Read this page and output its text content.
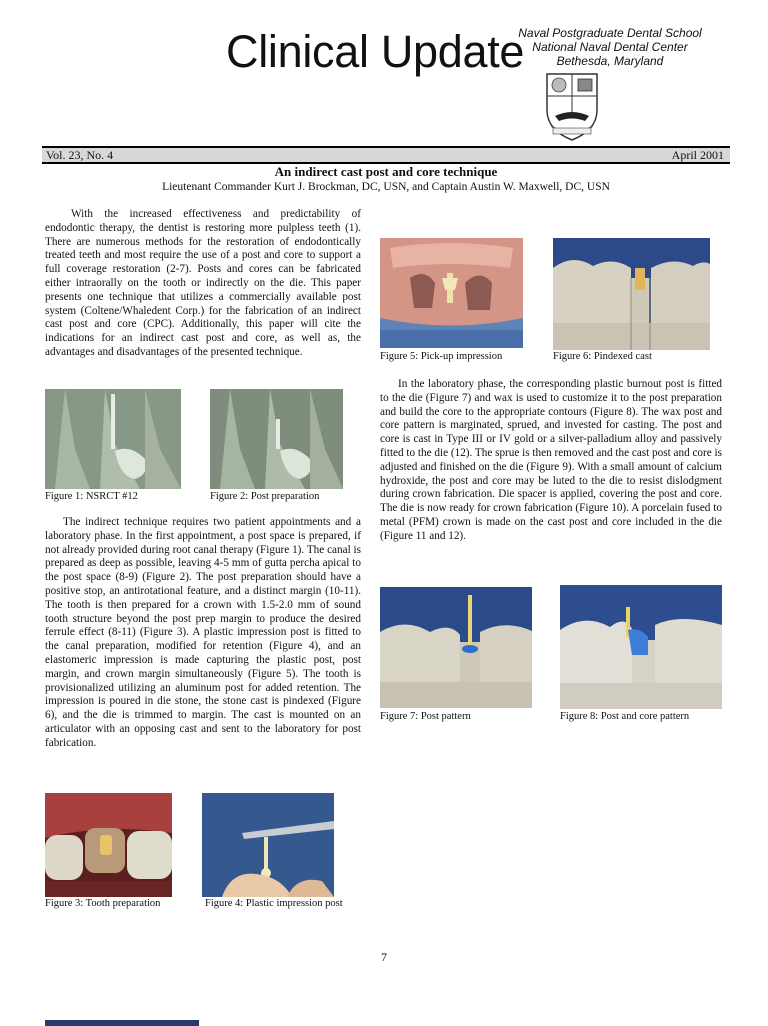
Clinical Update
Naval Postgraduate Dental School
National Naval Dental Center
Bethesda, Maryland
Vol. 23, No. 4	April 2001
An indirect cast post and core technique
Lieutenant Commander Kurt J. Brockman, DC, USN, and Captain Austin W. Maxwell, DC, USN

With the increased effectiveness and predictability of endodontic therapy, the dentist is restoring more pulpless teeth (1). There are numerous methods for the restoration of endodontically treated teeth and most require the use of a post and core to support a full coverage restoration (2-7). Posts and cores can be fabricated either intraorally on the tooth or indirectly on the die. This paper presents one technique that utilizes a commercially available post system (Coltene/Whaledent Corp.) for the fabrication of an indirect cast post and core (CPC). Additionally, this paper will cite the indications for an indirect cast post and core, as well as, the advantages and disadvantages of the presented technique.

Figure 1: NSRCT #12	Figure 2: Post preparation

The indirect technique requires two patient appointments and a laboratory phase. In the first appointment, a post space is prepared, if not already provided during root canal therapy (Figure 1). The canal is prepared as deep as possible, leaving 4-5 mm of gutta percha apical to the post space (8-9) (Figure 2). The post preparation should have a positive stop, an antirotational feature, and a distinct margin (10-11). The tooth is then prepared for a crown with 1.5-2.0 mm of sound tooth structure beyond the post prep margin to produce the desired ferrule effect (8-11) (Figure 3). A plastic impression post is fitted to the canal preparation, modified for retention (Figure 4), and an elastomeric impression is made capturing the plastic post, post margin, and crown margin simultaneously (Figure 5). The tooth is provisionalized utilizing an aluminum post for added retention. The impression is poured in die stone, the stone cast is pindexed (Figure 6), and the die is trimmed to margin. The cast is mounted on an articulator with an opposing cast and sent to the laboratory for post fabrication.

Figure 3: Tooth preparation	Figure 4: Plastic impression post
Figure 5: Pick-up impression	Figure 6: Pindexed cast

In the laboratory phase, the corresponding plastic burnout post is fitted to the die (Figure 7) and wax is used to customize it to the post preparation and build the core to the appropriate contours (Figure 8). The wax post and core pattern is marginated, sprued, and invested for casting. The post and core is cast in Type III or IV gold or a silver-palladium alloy and passively fitted to the die (12). The sprue is then removed and the cast post and core is adjusted and finished on the die (Figure 9). With a small amount of calcium hydroxide, the post and core may be luted to the die to resist dislodgment during crown fabrication. Die spacer is applied, covering the post and core. The die is now ready for crown fabrication (Figure 10). A porcelain fused to metal (PFM) crown is made on the cast post and core included in the die (Figure 11 and 12).

Figure 7: Post pattern	Figure 8: Post and core pattern
7
